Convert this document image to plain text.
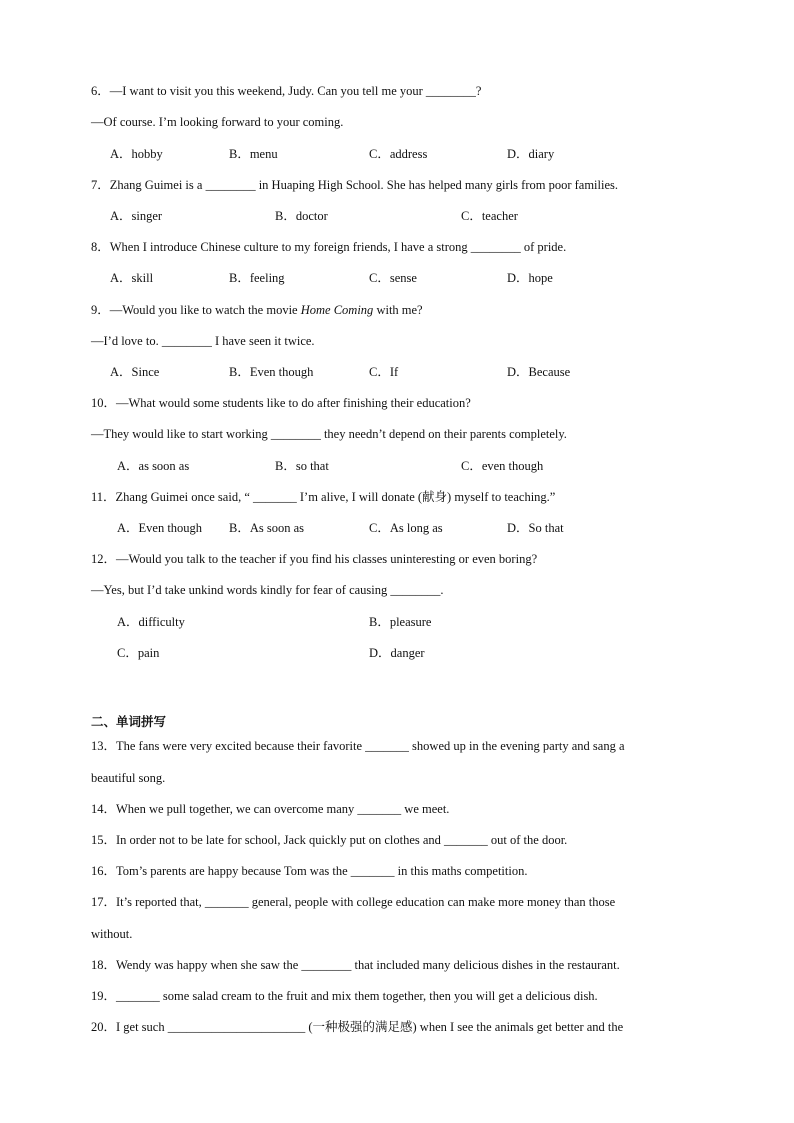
6．—I want to visit you this weekend, Judy. Can you tell me your ________?
—Of course. I’m looking forward to your coming.
A．hobby	B．menu	C．address	D．diary
7．Zhang Guimei is a ________ in Huaping High School. She has helped many girls from poor families.
A．singer	B．doctor	C．teacher
8．When I introduce Chinese culture to my foreign friends, I have a strong ________ of pride.
A．skill	B．feeling	C．sense	D．hope
9．—Would you like to watch the movie Home Coming with me?
—I’d love to. ________ I have seen it twice.
A．Since	B．Even though	C．If	D．Because
10．—What would some students like to do after finishing their education?
—They would like to start working ________ they needn’t depend on their parents completely.
A．as soon as	B．so that	C．even though
11．Zhang Guimei once said, “ _______ I’m alive, I will donate (献身) myself to teaching.”
A．Even though B．As soon as	C．As long as	D．So that
12．—Would you talk to the teacher if you find his classes uninteresting or even boring?
—Yes, but I’d take unkind words kindly for fear of causing ________.
A．difficulty	B．pleasure
C．pain	D．danger
二、单词拼写
13．The fans were very excited because their favorite _______ showed up in the evening party and sang a
beautiful song.
14．When we pull together, we can overcome many _______ we meet.
15．In order not to be late for school, Jack quickly put on clothes and _______ out of the door.
16．Tom’s parents are happy because Tom was the _______ in this maths competition.
17．It’s reported that, _______ general, people with college education can make more money than those
without.
18．Wendy was happy when she saw the ________ that included many delicious dishes in the restaurant.
19．_______ some salad cream to the fruit and mix them together, then you will get a delicious dish.
20．I get such ______________________ (一种极强的满足感) when I see the animals get better and the
